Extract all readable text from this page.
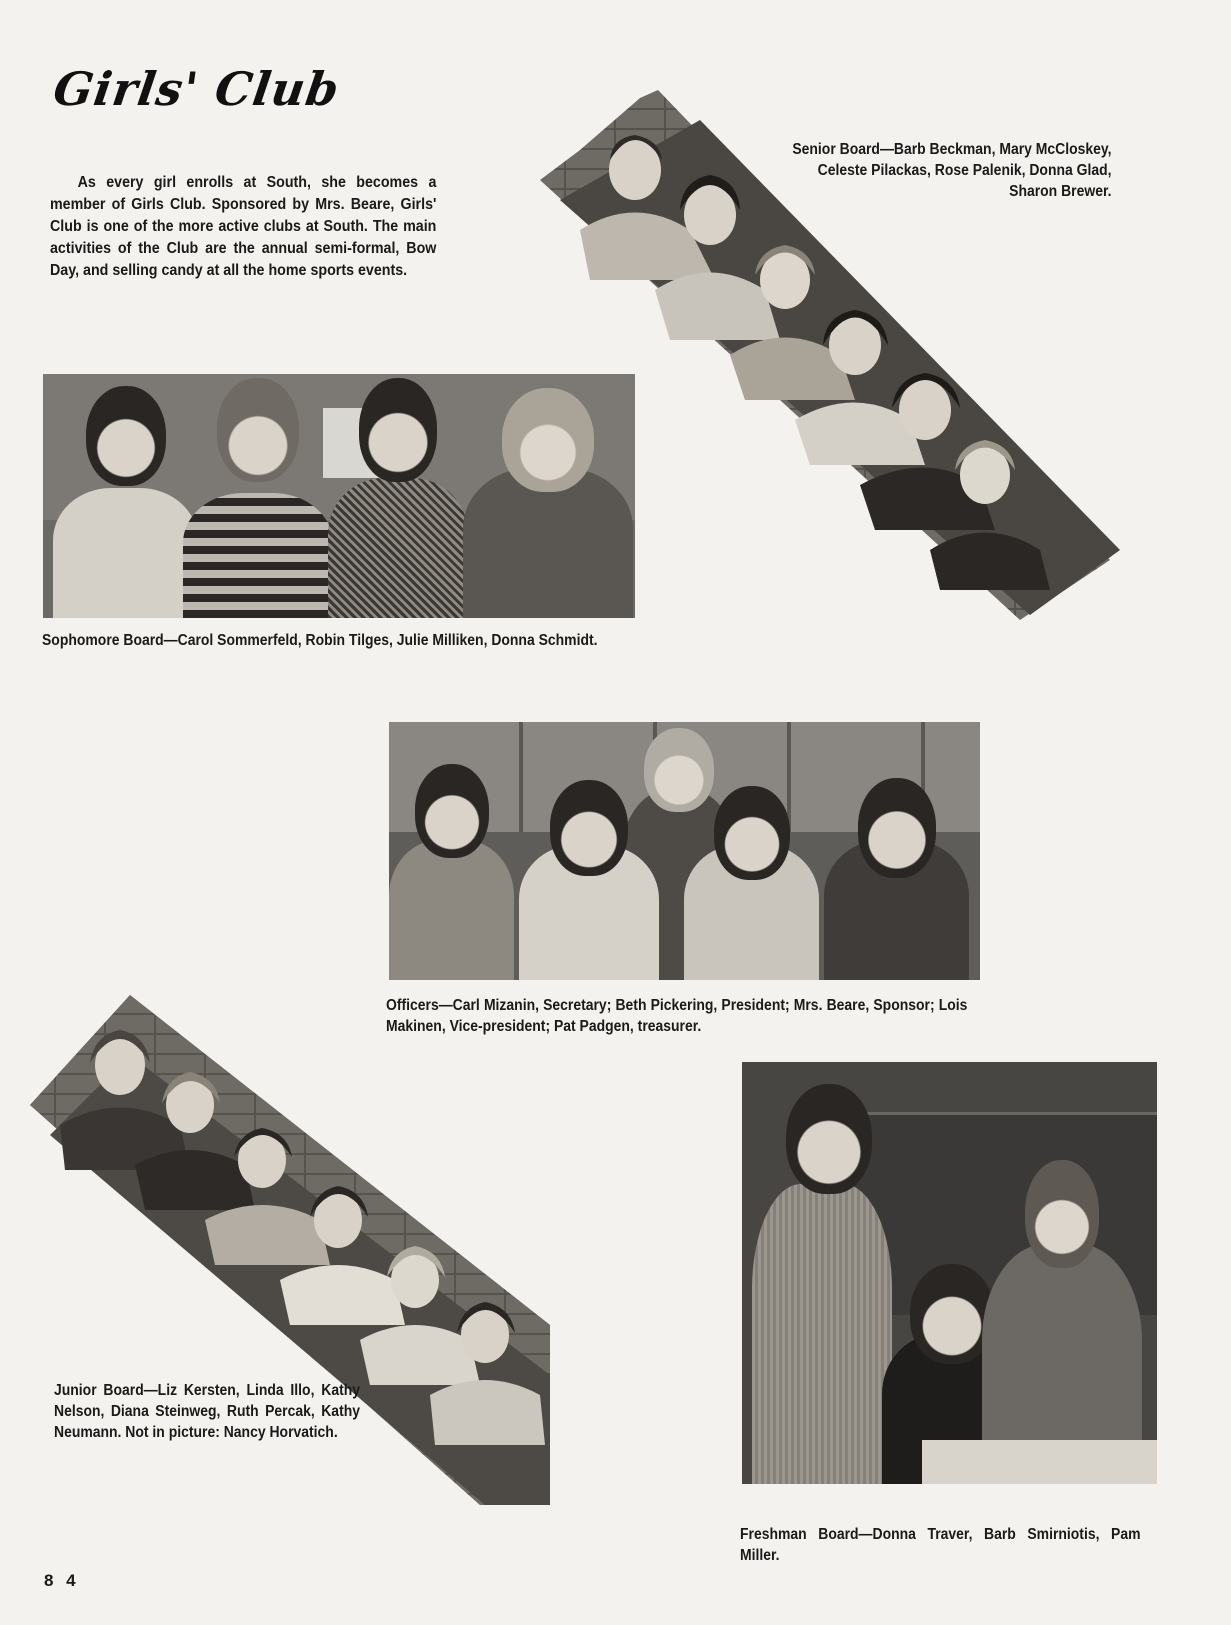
Girls' Club

As every girl enrolls at South, she becomes a member of Girls Club. Sponsored by Mrs. Beare, Girls' Club is one of the more active clubs at South. The main activities of the Club are the annual semi-formal, Bow Day, and selling candy at all the home sports events.

Senior Board—Barb Beckman, Mary McCloskey, Celeste Pilackas, Rose Palenik, Donna Glad, Sharon Brewer.
Sophomore Board—Carol Sommerfeld, Robin Tilges, Julie Milliken, Donna Schmidt.
Officers—Carl Mizanin, Secretary; Beth Pickering, President; Mrs. Beare, Sponsor; Lois Makinen, Vice-president; Pat Padgen, treasurer.
Junior Board—Liz Kersten, Linda Illo, Kathy Nelson, Diana Steinweg, Ruth Percak, Kathy Neumann. Not in picture: Nancy Horvatich.
Freshman Board—Donna Traver, Barb Smirniotis, Pam Miller.
8 4
